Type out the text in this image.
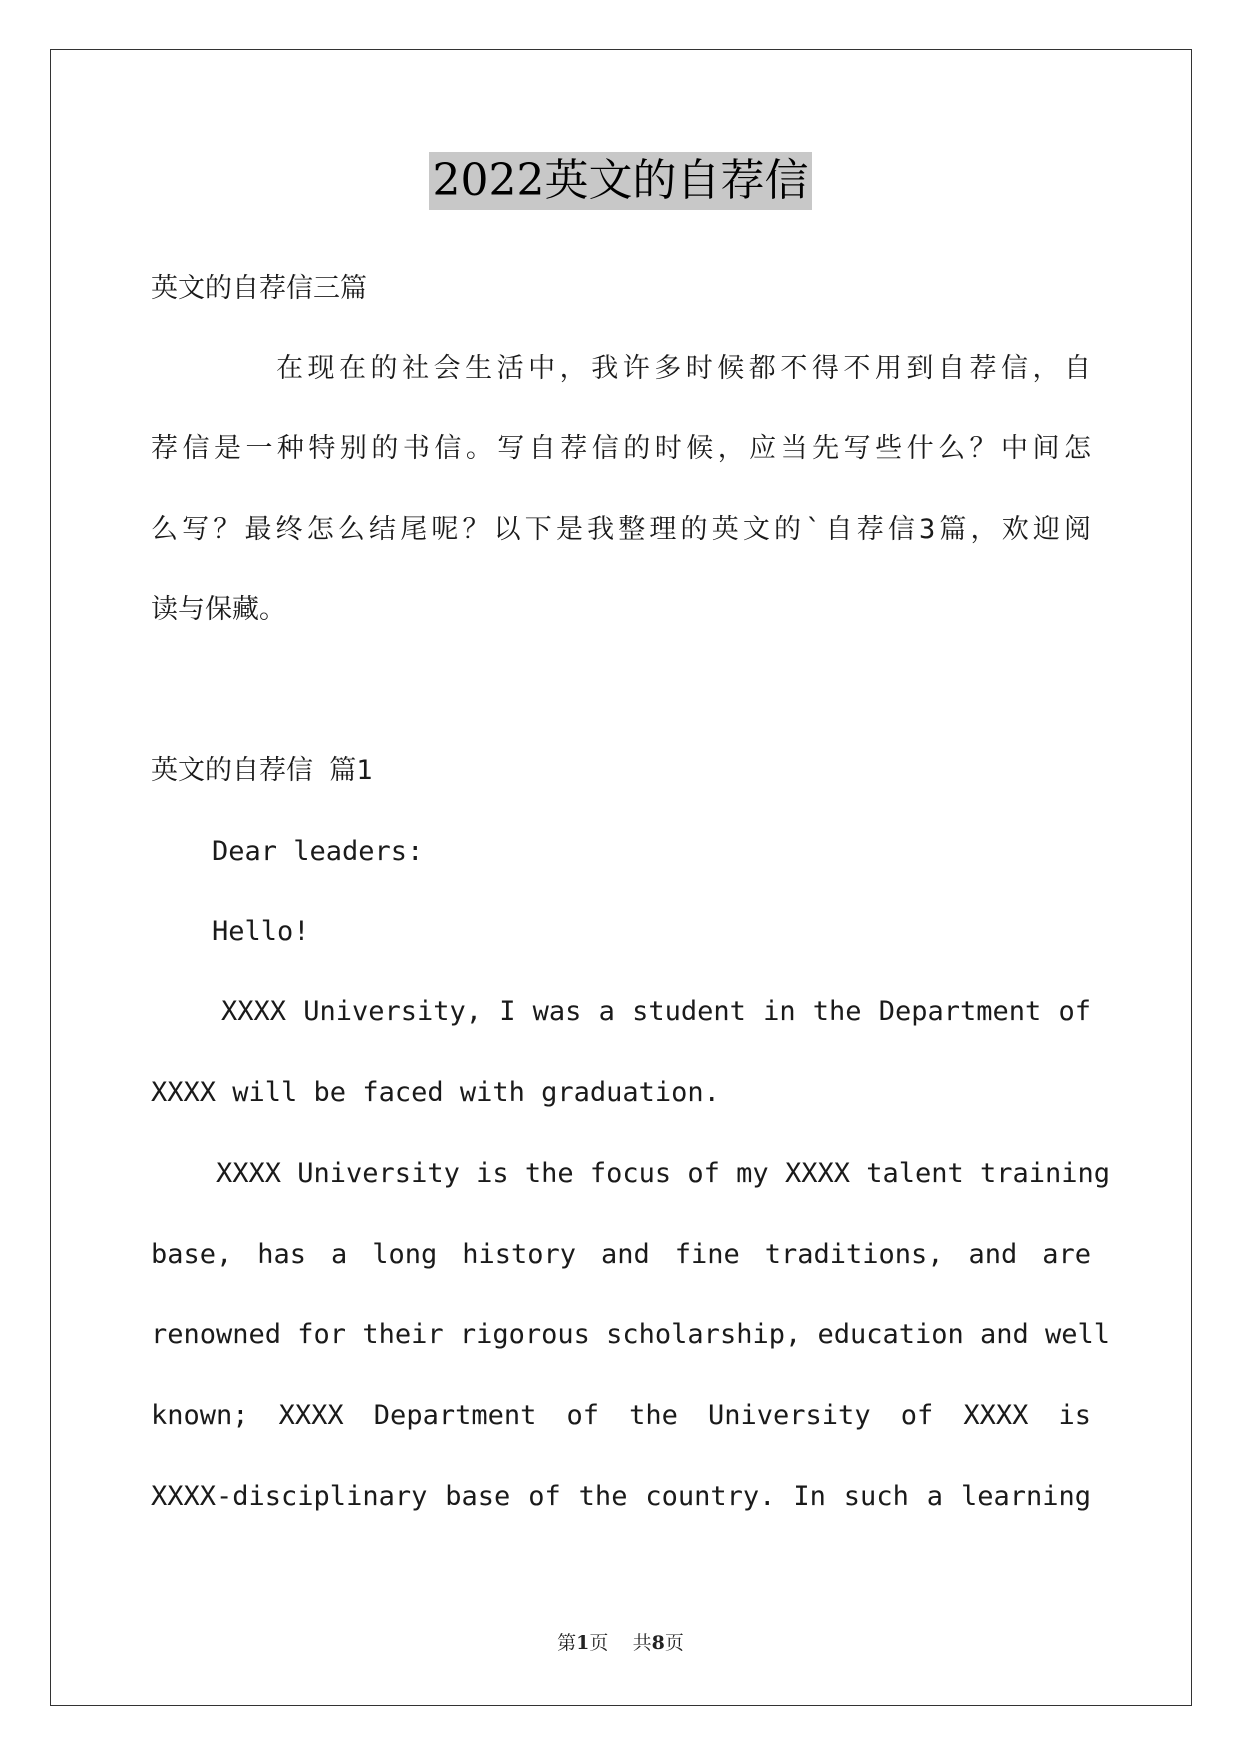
2022英文的自荐信
英文的自荐信三篇
在现在的社会生活中，我许多时候都不得不用到自荐信，自
荐信是一种特别的书信。写自荐信的时候，应当先写些什么？中间怎
么写？最终怎么结尾呢？以下是我整理的英文的`自荐信3篇，欢迎阅
读与保藏。
英文的自荐信 篇1
Dear leaders:
Hello!
XXXX University, I was a student in the Department of
XXXX will be faced with graduation.
XXXX University is the focus of my XXXX talent training
base, has a long history and fine traditions, and are
renowned for their rigorous scholarship, education and well
known; XXXX Department of the University of XXXX is
XXXX-disciplinary base of the country. In such a learning
第1页 共8页
